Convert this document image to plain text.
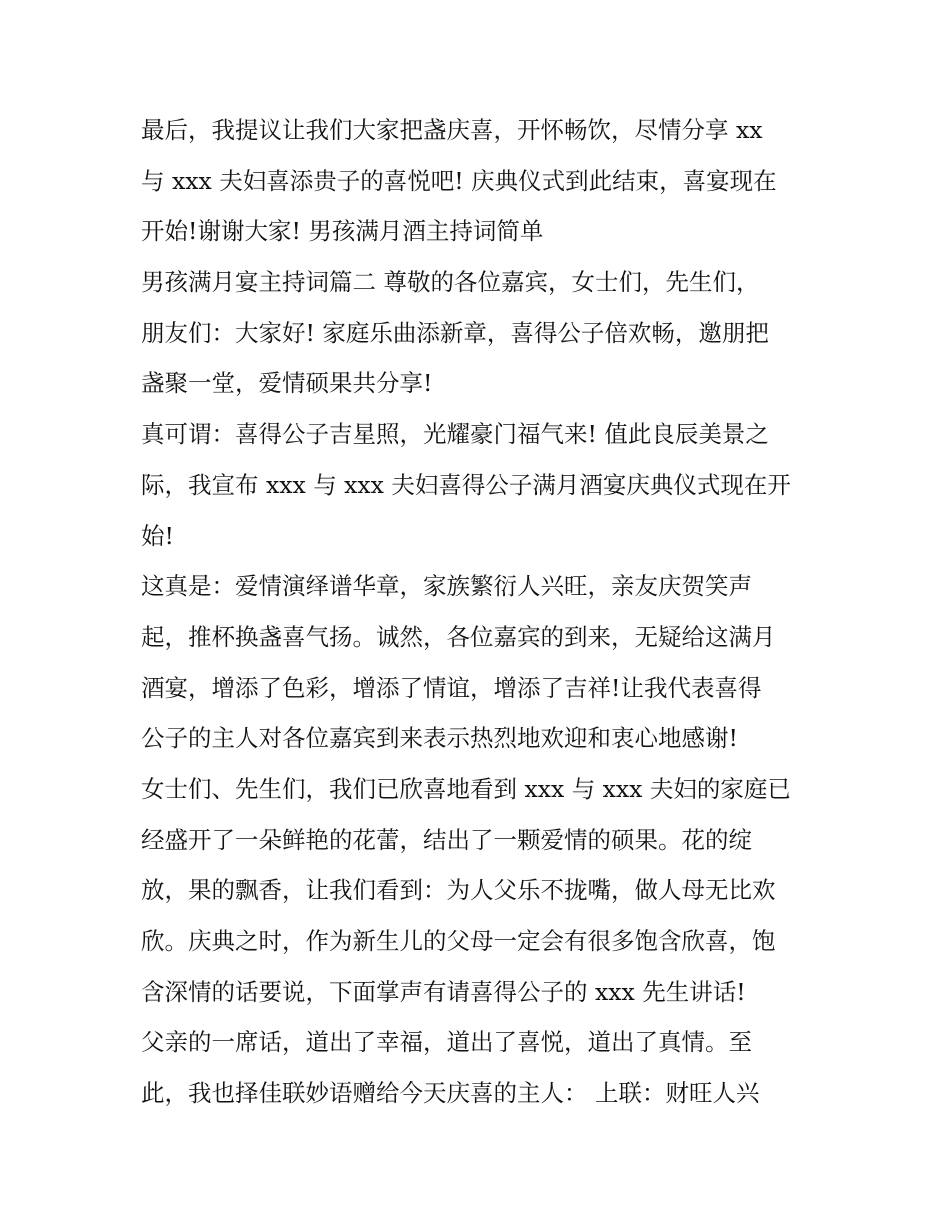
最后，我提议让我们大家把盏庆喜，开怀畅饮，尽情分享 xx
与 xxx 夫妇喜添贵子的喜悦吧! 庆典仪式到此结束，喜宴现在
开始!谢谢大家! 男孩满月酒主持词简单
男孩满月宴主持词篇二 尊敬的各位嘉宾，女士们，先生们，
朋友们：大家好! 家庭乐曲添新章，喜得公子倍欢畅，邀朋把
盏聚一堂，爱情硕果共分享!
真可谓：喜得公子吉星照，光耀豪门福气来! 值此良辰美景之
际，我宣布 xxx 与 xxx 夫妇喜得公子满月酒宴庆典仪式现在开
始!
这真是：爱情演绎谱华章，家族繁衍人兴旺，亲友庆贺笑声
起，推杯换盏喜气扬。诚然，各位嘉宾的到来，无疑给这满月
酒宴，增添了色彩，增添了情谊，增添了吉祥!让我代表喜得
公子的主人对各位嘉宾到来表示热烈地欢迎和衷心地感谢!
女士们、先生们，我们已欣喜地看到 xxx 与 xxx 夫妇的家庭已
经盛开了一朵鲜艳的花蕾，结出了一颗爱情的硕果。花的绽
放，果的飘香，让我们看到：为人父乐不拢嘴，做人母无比欢
欣。庆典之时，作为新生儿的父母一定会有很多饱含欣喜，饱
含深情的话要说，下面掌声有请喜得公子的 xxx 先生讲话!
父亲的一席话，道出了幸福，道出了喜悦，道出了真情。至
此，我也择佳联妙语赠给今天庆喜的主人： 上联：财旺人兴
